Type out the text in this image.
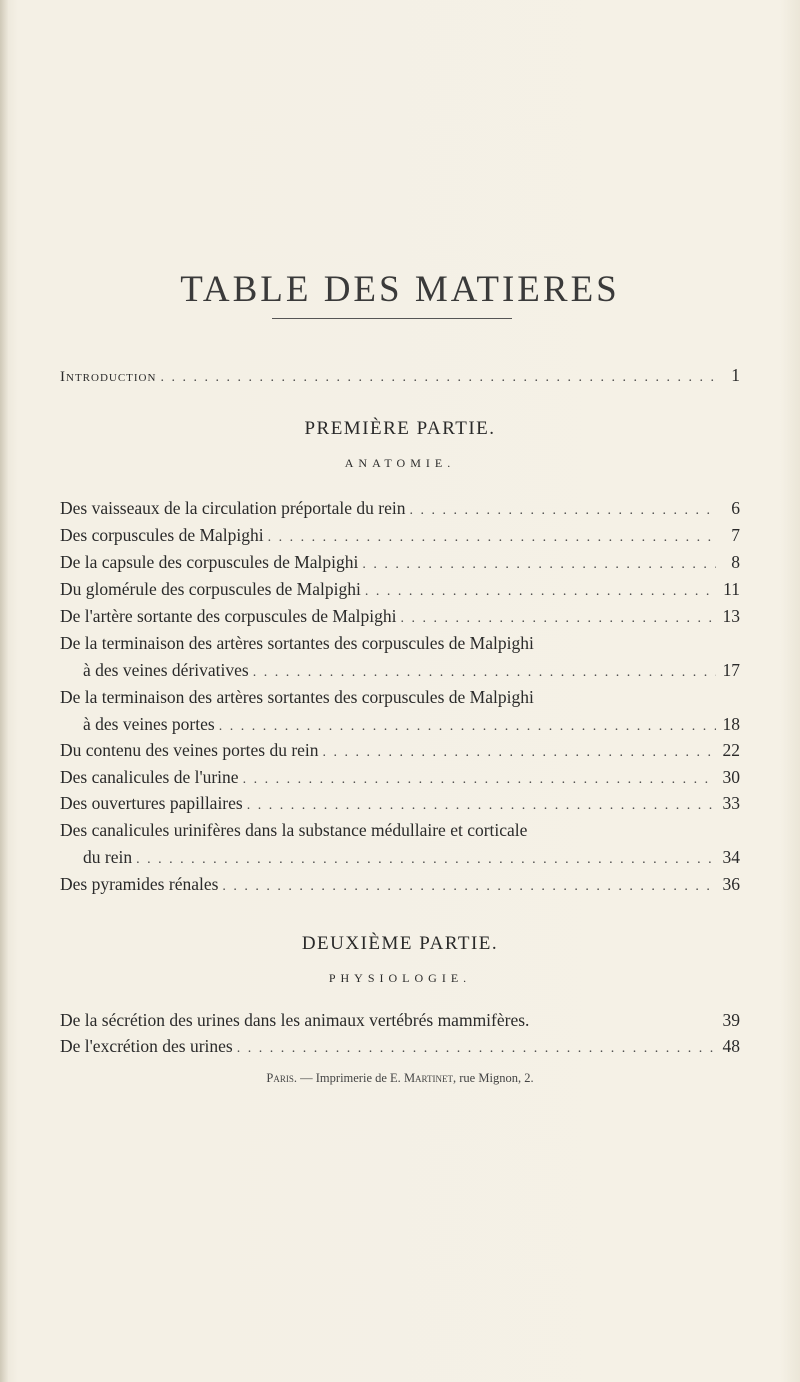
TABLE DES MATIERES
Introduction . . .	1
PREMIÈRE PARTIE.
ANATOMIE.
Des vaisseaux de la circulation préportale du rein . . .	6
Des corpuscules de Malpighi . . .	7
De la capsule des corpuscules de Malpighi . . .	8
Du glomérule des corpuscules de Malpighi . . .	11
De l'artère sortante des corpuscules de Malpighi . . .	13
De la terminaison des artères sortantes des corpuscules de Malpighi
à des veines dérivatives . . .	17
De la terminaison des artères sortantes des corpuscules de Malpighi
à des veines portes . . .	18
Du contenu des veines portes du rein . . .	22
Des canalicules de l'urine . . .	30
Des ouvertures papillaires . . .	33
Des canalicules urinifères dans la substance médullaire et corticale
du rein . . .	34
Des pyramides rénales . . .	36
DEUXIÈME PARTIE.
PHYSIOLOGIE.
De la sécrétion des urines dans les animaux vertébrés mammifères.	39
De l'excrétion des urines . . .	48
Paris. — Imprimerie de E. Martinet, rue Mignon, 2.
